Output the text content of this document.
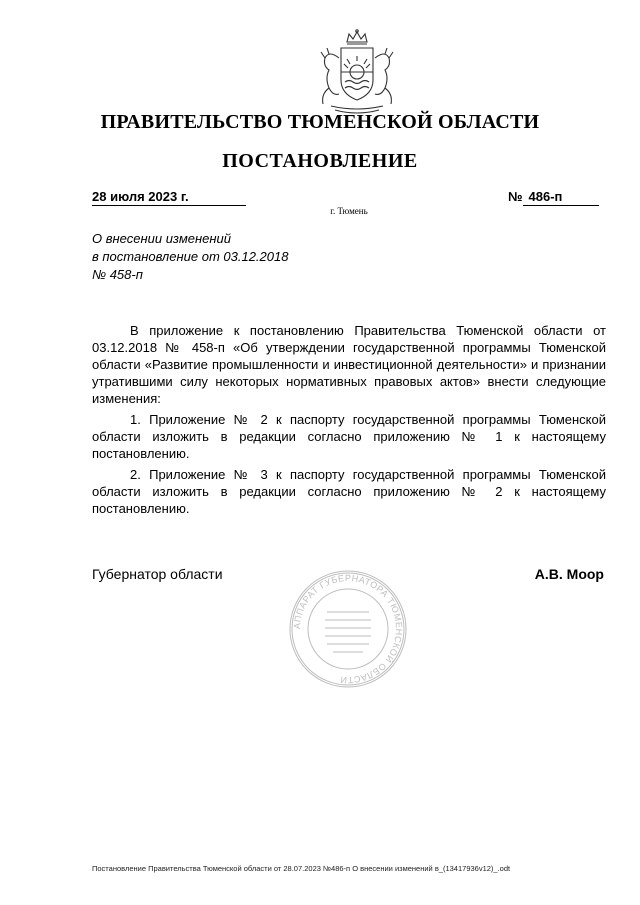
ПРАВИТЕЛЬСТВО ТЮМЕНСКОЙ ОБЛАСТИ
ПОСТАНОВЛЕНИЕ
28 июля 2023 г.	№ 486-п
г. Тюмень
О внесении изменений
в постановление от 03.12.2018
№ 458-п

В приложение к постановлению Правительства Тюменской области от 03.12.2018 № 458-п «Об утверждении государственной программы Тюменской области «Развитие промышленности и инвестиционной деятельности» и признании утратившими силу некоторых нормативных правовых актов» внести следующие изменения:

1. Приложение № 2 к паспорту государственной программы Тюменской области изложить в редакции согласно приложению № 1 к настоящему постановлению.

2. Приложение № 3 к паспорту государственной программы Тюменской области изложить в редакции согласно приложению № 2 к настоящему постановлению.

Губернатор области	А.В. Моор
АППАРАТ ГУБЕРНАТОРА ТЮМЕНСКОЙ ОБЛАСТИ
Постановление Правительства Тюменской области от 28.07.2023 №486-п О внесении изменений в_(13417936v12)_.odt
